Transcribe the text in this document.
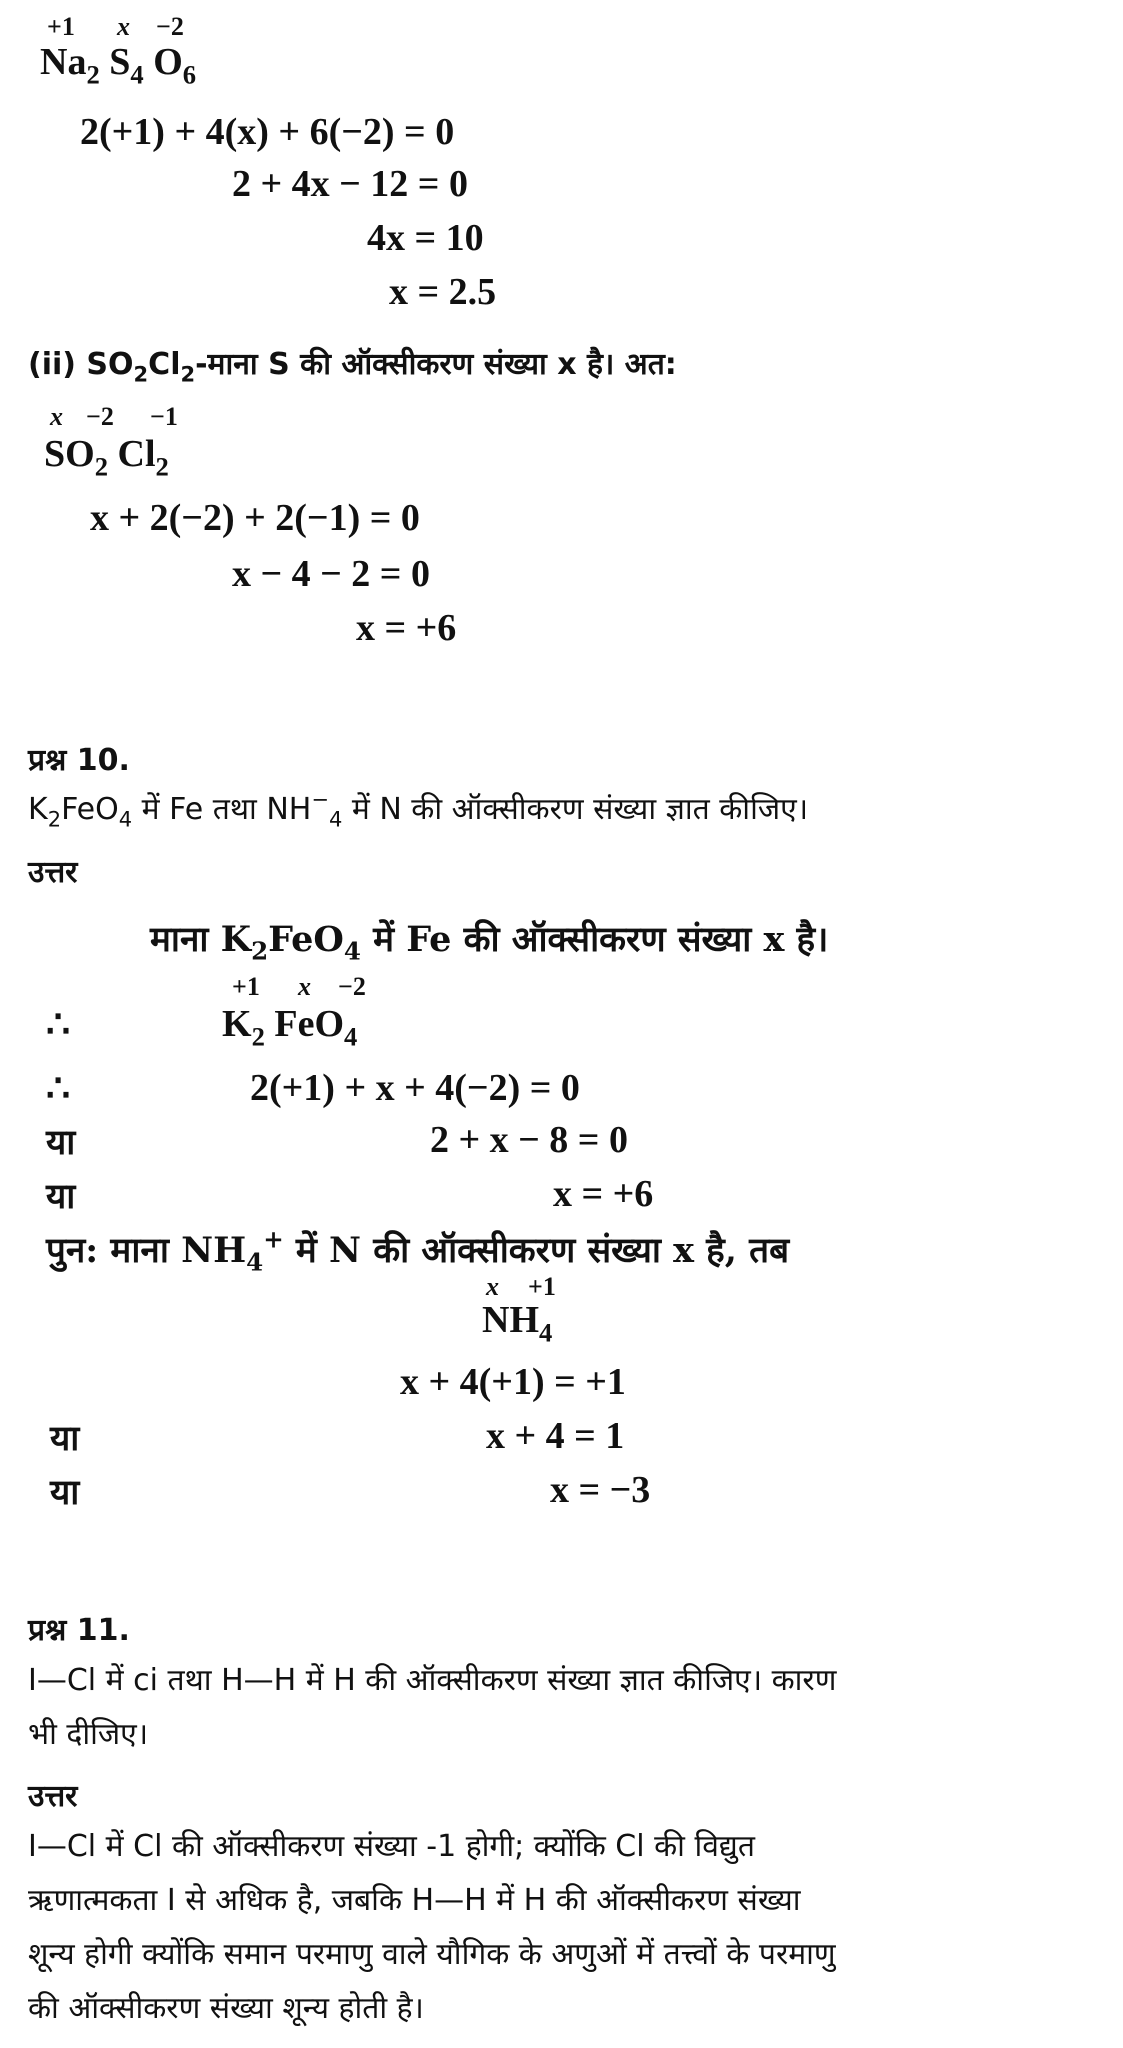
+1 x −2
$Na_2$ $S_4$ $O_6$
2(+1) + 4(x) + 6(−2) = 0
2 + 4x − 12 = 0
4x = 10
x = 2.5
(ii) $SO_2Cl_2-माना$ S की ऑक्सीकरण संख्या x है। अत:
x −2 −1
$SO_2$ $Cl_2$
x + 2(−2) + 2(−1) = 0
x − 4 − 2 = 0
x = +6
प्रश्न 10.
$K_2FeO_4$ में Fe तथा $NH^-_4$ में N की ऑक्सीकरण संख्या ज्ञात कीजिए।
उत्तर
माना $K_2FeO_4$ में Fe की ऑक्सीकरण संख्या x है।
+1 x −2
∴	$K_2$ FeO$_4$
∴	2(+1) + x + 4(−2) = 0
या	2 + x − 8 = 0
या	x = +6
पुन: माना $NH_4^+$ में N की ऑक्सीकरण संख्या x है, तब
x +1
$NH_4$
x + 4(+1) = +1
या	x + 4 = 1
या	x = −3
प्रश्न 11.
I—Cl में ci तथा H—H में H की ऑक्सीकरण संख्या ज्ञात कीजिए। कारण
भी दीजिए।
उत्तर
I—Cl में Cl की ऑक्सीकरण संख्या -1 होगी; क्योंकि Cl की विद्युत
ऋणात्मकता I से अधिक है, जबकि H—H में H की ऑक्सीकरण संख्या
शून्य होगी क्योंकि समान परमाणु वाले यौगिक के अणुओं में तत्त्वों के परमाणु
की ऑक्सीकरण संख्या शून्य होती है।
